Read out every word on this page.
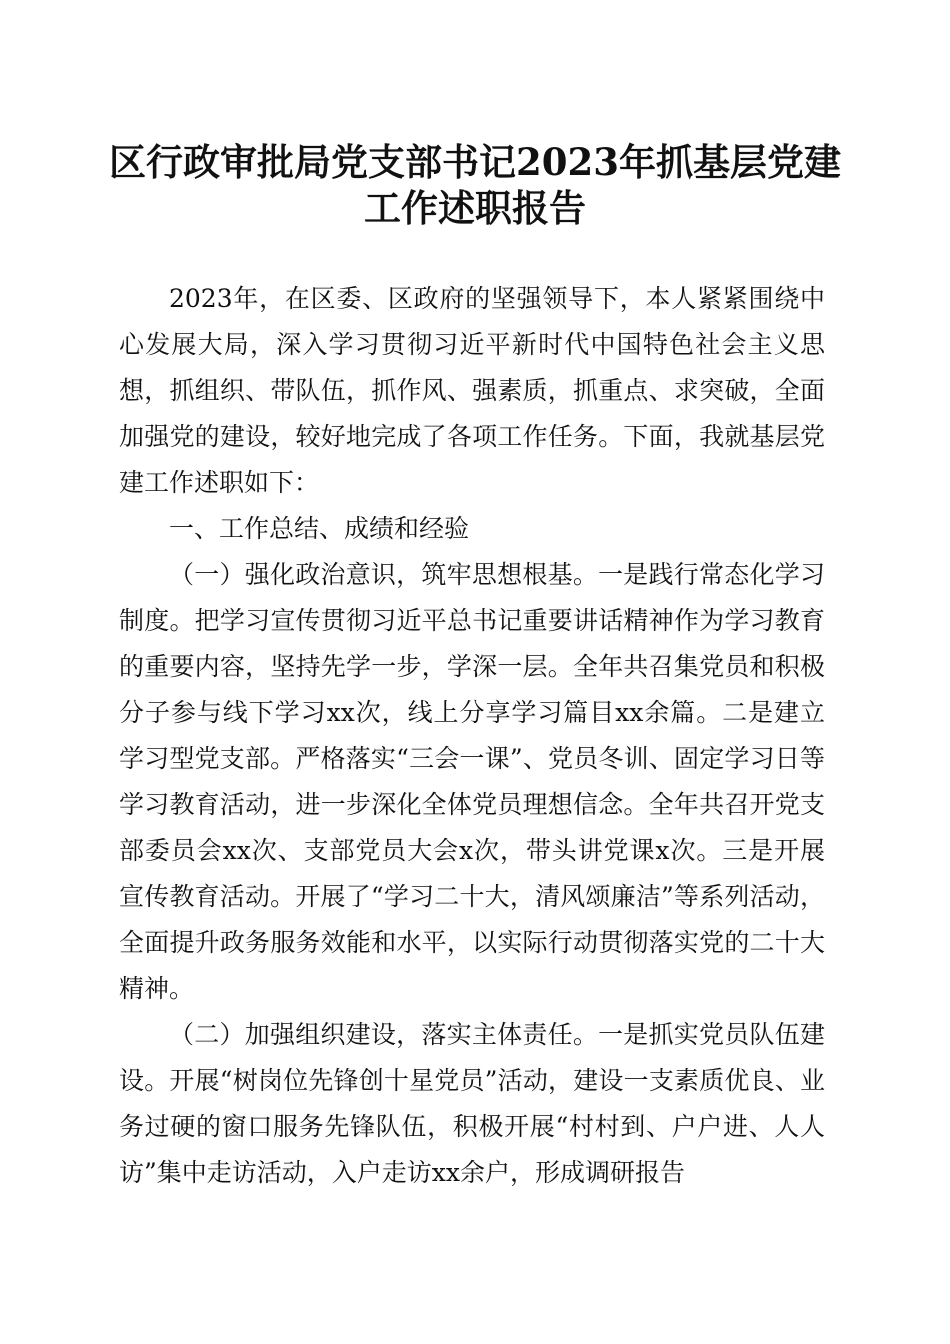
区行政审批局党支部书记2023年抓基层党建
工作述职报告

2023年，在区委、区政府的坚强领导下，本人紧紧围绕中心发展大局，深入学习贯彻习近平新时代中国特色社会主义思想，抓组织、带队伍，抓作风、强素质，抓重点、求突破，全面加强党的建设，较好地完成了各项工作任务。下面，我就基层党建工作述职如下：

一、工作总结、成绩和经验

（一）强化政治意识，筑牢思想根基。一是践行常态化学习制度。把学习宣传贯彻习近平总书记重要讲话精神作为学习教育的重要内容，坚持先学一步，学深一层。全年共召集党员和积极分子参与线下学习xx次，线上分享学习篇目xx余篇。二是建立学习型党支部。严格落实“三会一课”、党员冬训、固定学习日等学习教育活动，进一步深化全体党员理想信念。全年共召开党支部委员会xx次、支部党员大会x次，带头讲党课x次。三是开展宣传教育活动。开展了“学习二十大，清风颂廉洁”等系列活动，全面提升政务服务效能和水平，以实际行动贯彻落实党的二十大精神。

（二）加强组织建设，落实主体责任。一是抓实党员队伍建设。开展“树岗位先锋创十星党员”活动，建设一支素质优良、业务过硬的窗口服务先锋队伍，积极开展“村村到、户户进、人人访”集中走访活动，入户走访xx余户，形成调研报告
